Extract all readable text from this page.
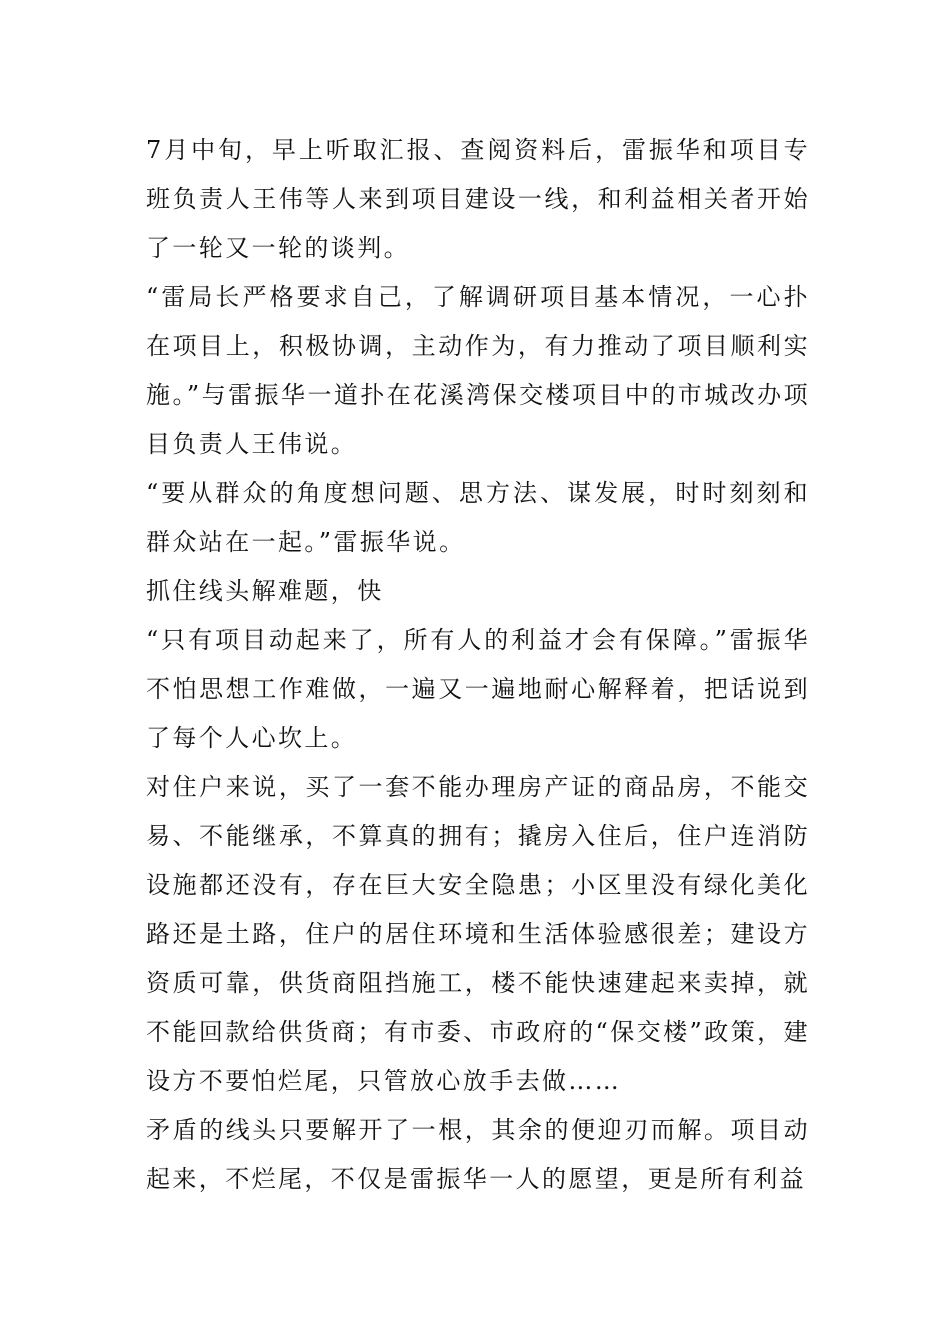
7月中旬，早上听取汇报、查阅资料后，雷振华和项目专班负责人王伟等人来到项目建设一线，和利益相关者开始了一轮又一轮的谈判。

“雷局长严格要求自己，了解调研项目基本情况，一心扑在项目上，积极协调，主动作为，有力推动了项目顺利实施。”与雷振华一道扑在花溪湾保交楼项目中的市城改办项目负责人王伟说。

“要从群众的角度想问题、思方法、谋发展，时时刻刻和群众站在一起。”雷振华说。

抓住线头解难题，快

“只有项目动起来了，所有人的利益才会有保障。”雷振华不怕思想工作难做，一遍又一遍地耐心解释着，把话说到了每个人心坎上。

对住户来说，买了一套不能办理房产证的商品房，不能交易、不能继承，不算真的拥有；撬房入住后，住户连消防设施都还没有，存在巨大安全隐患；小区里没有绿化美化路还是土路，住户的居住环境和生活体验感很差；建设方资质可靠，供货商阻挡施工，楼不能快速建起来卖掉，就不能回款给供货商；有市委、市政府的“保交楼”政策，建设方不要怕烂尾，只管放心放手去做……

矛盾的线头只要解开了一根，其余的便迎刃而解。项目动起来，不烂尾，不仅是雷振华一人的愿望，更是所有利益
